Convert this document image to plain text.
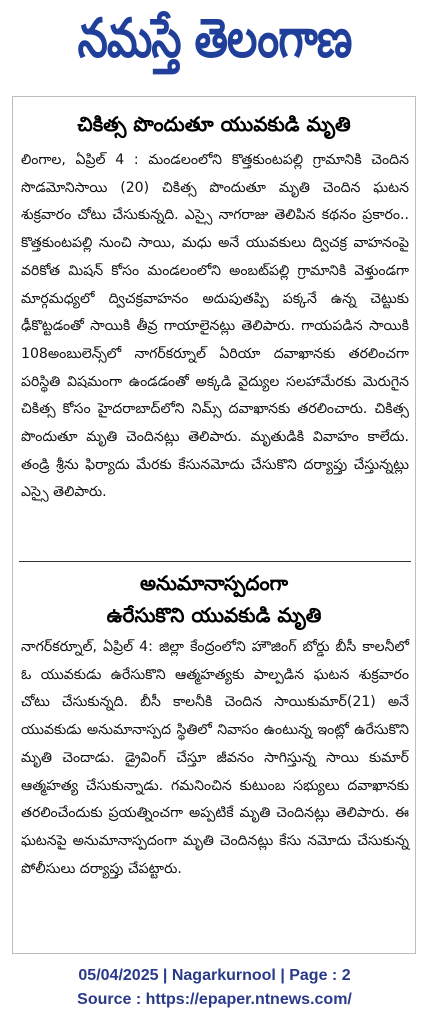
నమస్తే తెలంగాణ
చికిత్స పొందుతూ యువకుడి మృతి

లింగాల, ఏప్రిల్ 4 : మండలంలోని కొత్తకుంటపల్లి గ్రామానికి చెందిన సొడమోనిసాయి (20) చికిత్స పొందుతూ మృతి చెందిన ఘటన శుక్రవారం చోటు చేసుకున్నది. ఎస్సై నాగరాజు తెలిపిన కథనం ప్రకారం.. కొత్తకుంటపల్లి నుంచి సాయి, మధు అనే యువకులు ద్విచక్ర వాహనంపై వరికోత మిషన్ కోసం మండలంలోని అంబట్‌పల్లి గ్రామానికి వెళ్తుండగా మార్గమధ్యలో ద్విచక్రవాహనం అదుపుతప్పి పక్కనే ఉన్న చెట్టుకు ఢీకొట్టడంతో సాయికి తీవ్ర గాయాలైనట్లు తెలిపారు. గాయపడిన సాయికి 108అంబులెన్స్‌లో నాగర్‌కర్నూల్ ఏరియా దవాఖానకు తరలించగా పరిస్థితి విషమంగా ఉండడంతో అక్కడి వైద్యుల సలహామేరకు మెరుగైన చికిత్స కోసం హైదరాబాద్‌లోని నిమ్స్ దవాఖానకు తరలించారు. చికిత్స పొందుతూ మృతి చెందినట్లు తెలిపారు. మృతుడికి వివాహం కాలేదు. తండ్రి శ్రీను ఫిర్యాదు మేరకు కేసునమోదు చేసుకొని దర్యాప్తు చేస్తున్నట్లు ఎస్సై తెలిపారు.

అనుమానాస్పదంగా
ఉరేసుకొని యువకుడి మృతి

నాగర్‌కర్నూల్, ఏప్రిల్ 4: జిల్లా కేంద్రంలోని హౌజింగ్ బోర్డు బీసీ కాలనీలో ఓ యువకుడు ఉరేసుకొని ఆత్మహత్యకు పాల్పడిన ఘటన శుక్రవారం చోటు చేసుకున్నది. బీసీ కాలనీకి చెందిన సాయికుమార్(21) అనే యువకుడు అనుమానాస్పద స్థితిలో నివాసం ఉంటున్న ఇంట్లో ఉరేసుకొని మృతి చెందాడు. డ్రైవింగ్ చేస్తూ జీవనం సాగిస్తున్న సాయి కుమార్ ఆత్మహత్య చేసుకున్నాడు. గమనించిన కుటుంబ సభ్యులు దవాఖానకు తరలించేందుకు ప్రయత్నించగా అప్పటికే మృతి చెందినట్లు తెలిపారు. ఈ ఘటనపై అనుమానాస్పదంగా మృతి చెందినట్లు కేసు నమోదు చేసుకున్న పోలీసులు దర్యాప్తు చేపట్టారు.

05/04/2025 | Nagarkurnool | Page : 2
Source : https://epaper.ntnews.com/
